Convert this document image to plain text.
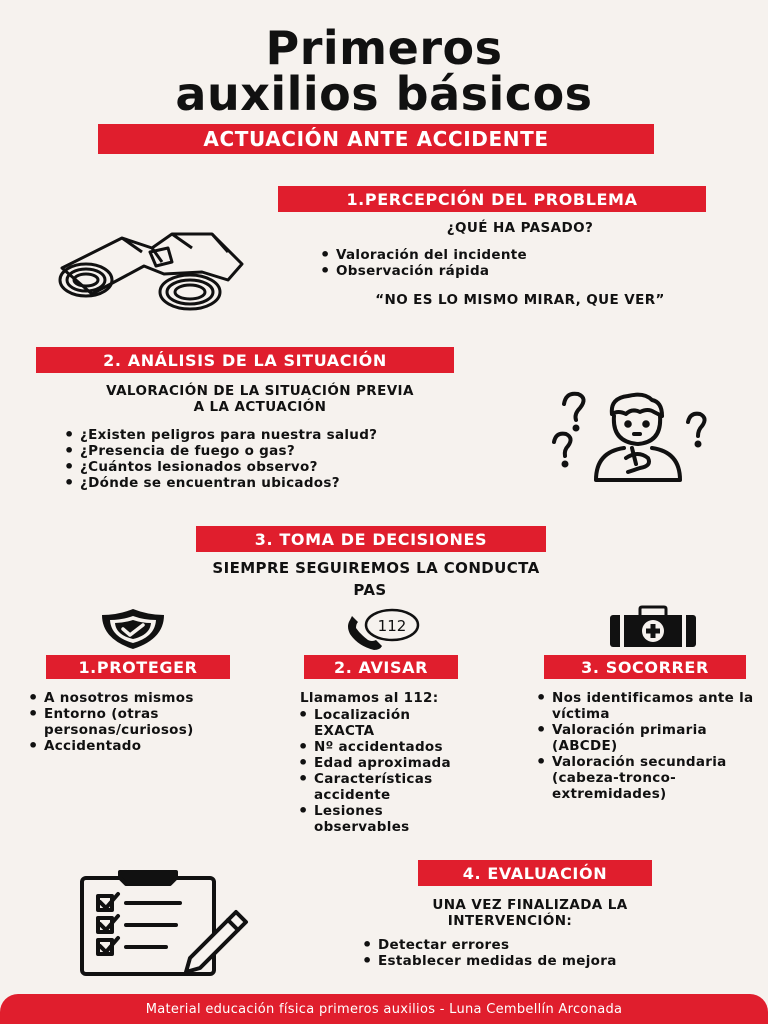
Primeros
auxilios básicos
ACTUACIÓN ANTE ACCIDENTE
1.PERCEPCIÓN DEL PROBLEMA
¿QUÉ HA PASADO?
• Valoración del incidente
• Observación rápida
“NO ES LO MISMO MIRAR, QUE VER”
2. ANÁLISIS DE LA SITUACIÓN
VALORACIÓN DE LA SITUACIÓN PREVIA
A LA ACTUACIÓN
• ¿Existen peligros para nuestra salud?
• ¿Presencia de fuego o gas?
• ¿Cuántos lesionados observo?
• ¿Dónde se encuentran ubicados?
3. TOMA DE DECISIONES
SIEMPRE SEGUIREMOS LA CONDUCTA
PAS
112
1.PROTEGER	2. AVISAR	3. SOCORRER
• A nosotros mismos
• Entorno (otras personas/curiosos)
• Accidentado
Llamamos al 112:
• Localización EXACTA
• Nº accidentados
• Edad aproximada
• Características accidente
• Lesiones observables
• Nos identificamos ante la víctima
• Valoración primaria (ABCDE)
• Valoración secundaria (cabeza-tronco-extremidades)
4. EVALUACIÓN
UNA VEZ FINALIZADA LA
INTERVENCIÓN:
• Detectar errores
• Establecer medidas de mejora
Material educación física primeros auxilios - Luna Cembellín Arconada
